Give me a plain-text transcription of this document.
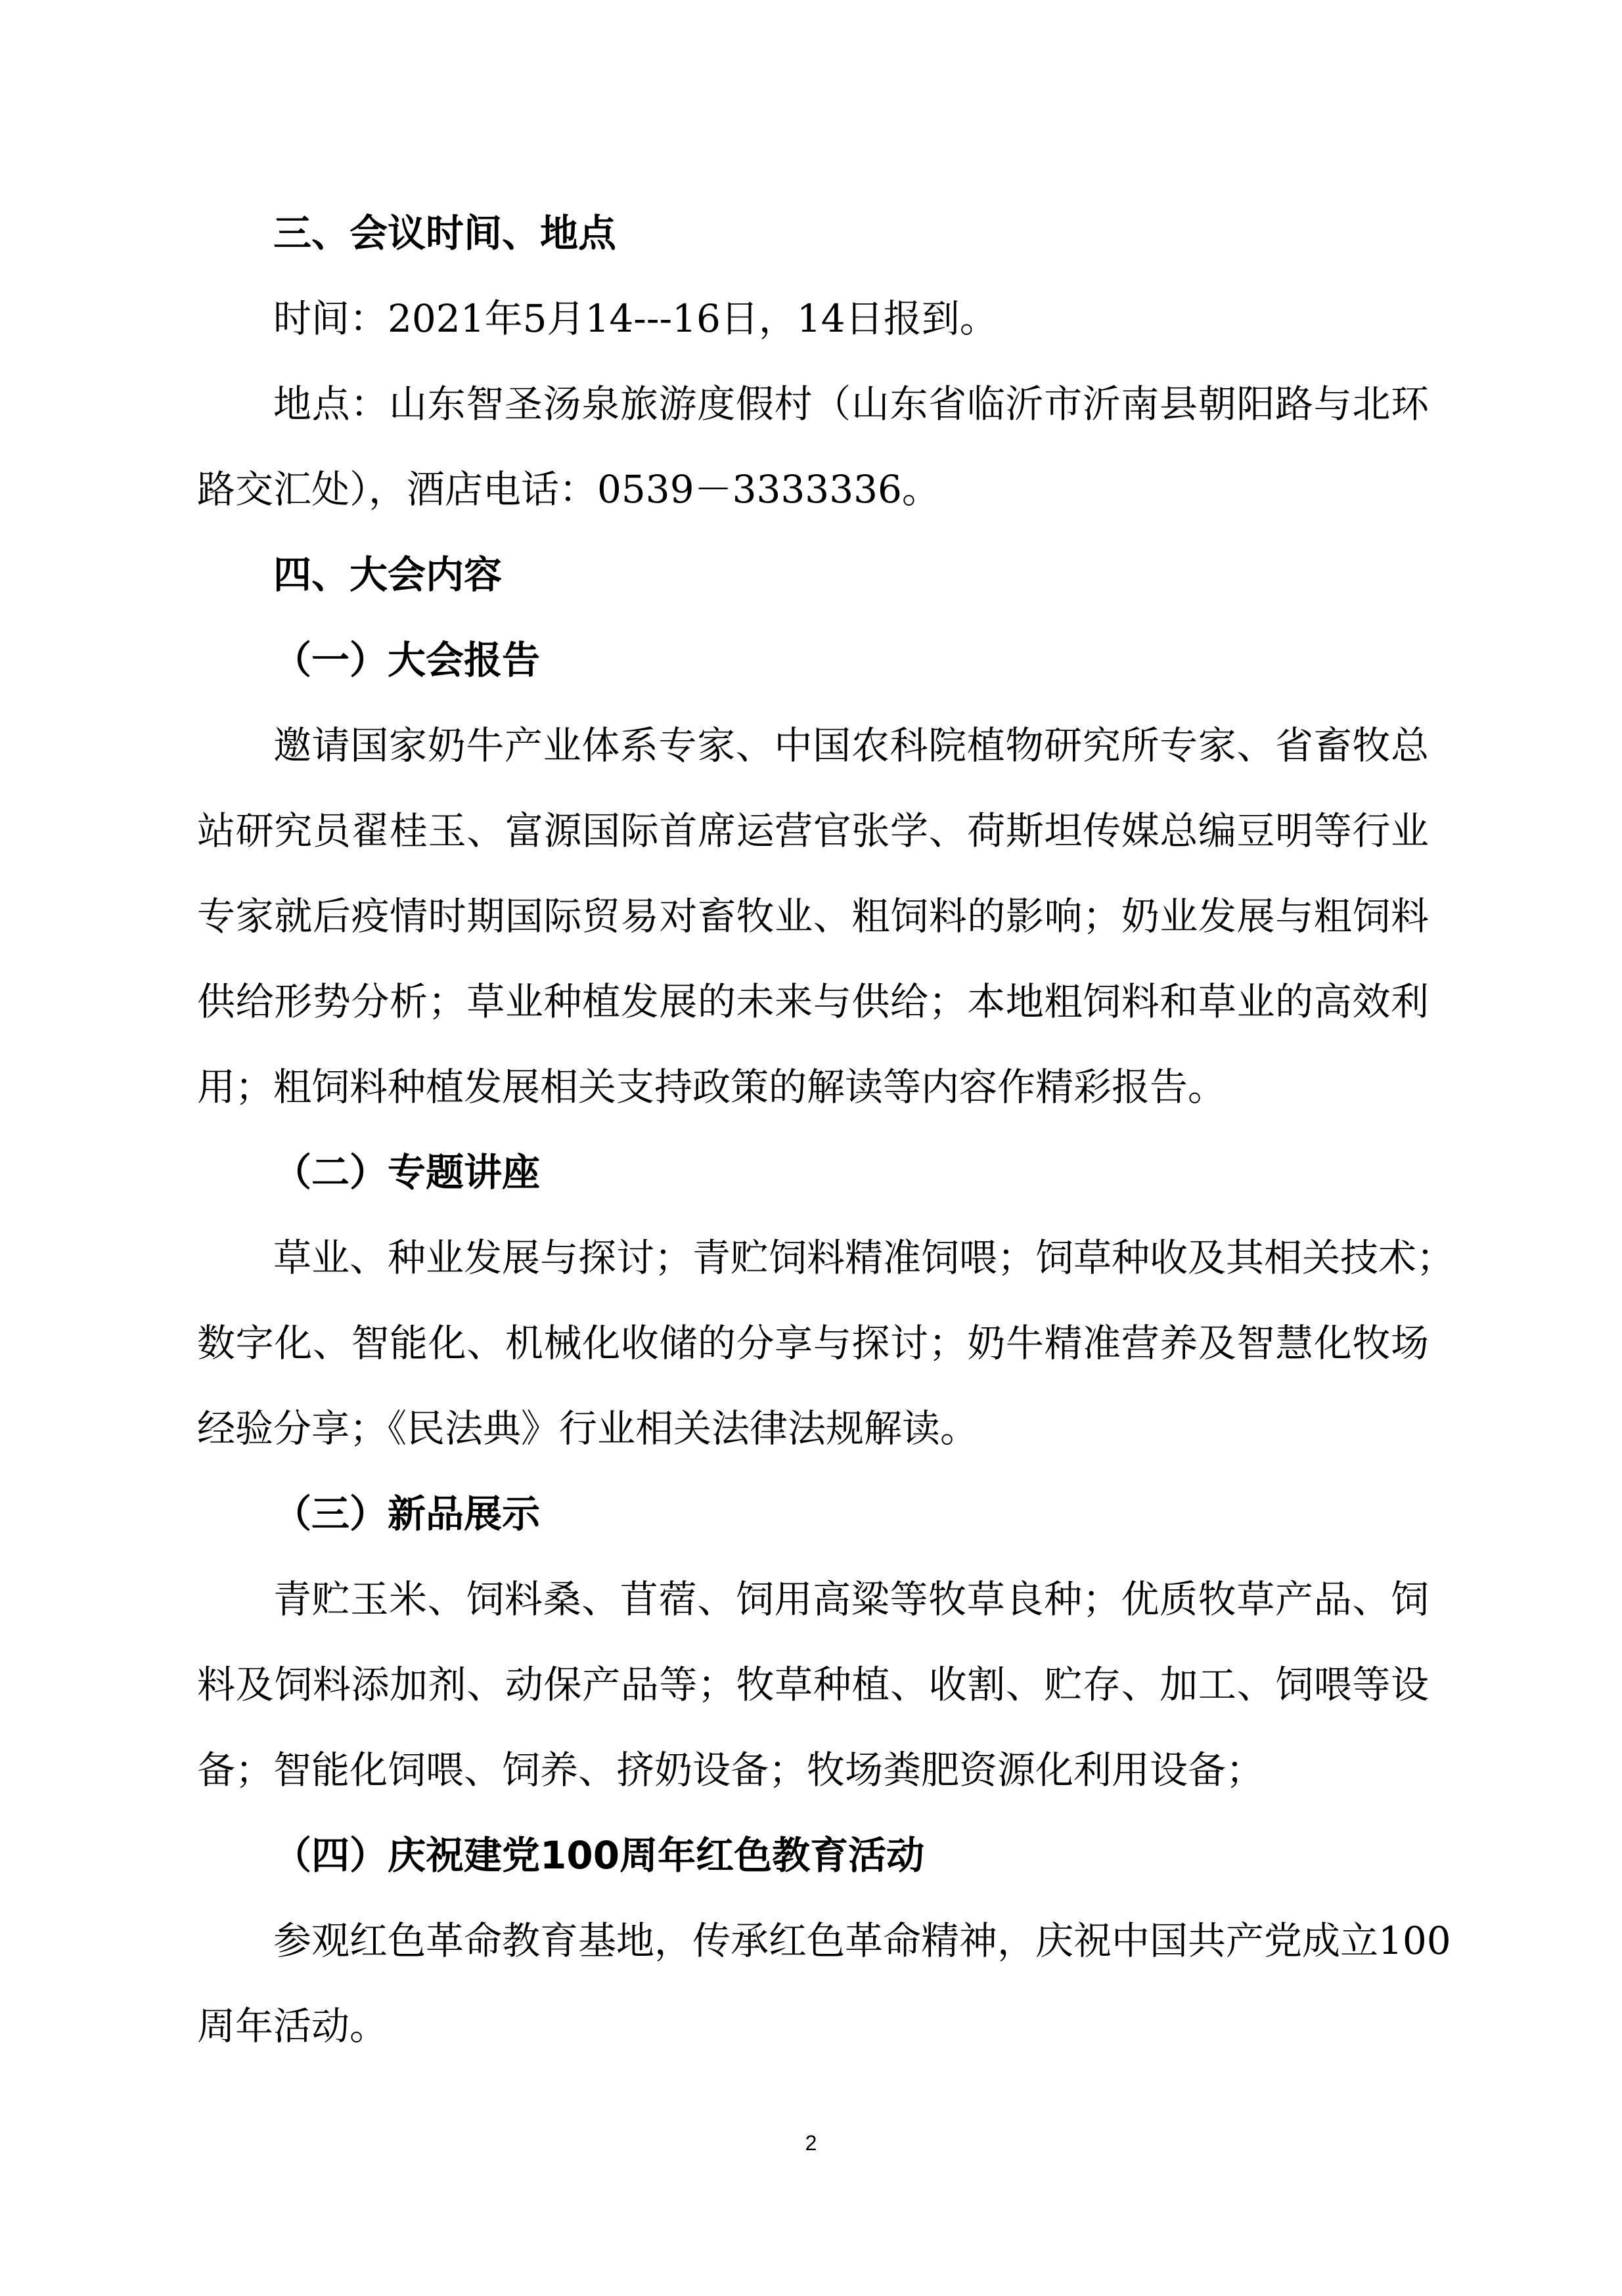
三、会议时间、地点
时间：2021年5月14---16日，14日报到。
地点：山东智圣汤泉旅游度假村（山东省临沂市沂南县朝阳路与北环
路交汇处），酒店电话：0539－3333336。
四、大会内容
（一）大会报告
邀请国家奶牛产业体系专家、中国农科院植物研究所专家、省畜牧总
站研究员翟桂玉、富源国际首席运营官张学、荷斯坦传媒总编豆明等行业
专家就后疫情时期国际贸易对畜牧业、粗饲料的影响；奶业发展与粗饲料
供给形势分析；草业种植发展的未来与供给；本地粗饲料和草业的高效利
用；粗饲料种植发展相关支持政策的解读等内容作精彩报告。
（二）专题讲座
草业、种业发展与探讨；青贮饲料精准饲喂；饲草种收及其相关技术；
数字化、智能化、机械化收储的分享与探讨；奶牛精准营养及智慧化牧场
经验分享；《民法典》行业相关法律法规解读。
（三）新品展示
青贮玉米、饲料桑、苜蓿、饲用高粱等牧草良种；优质牧草产品、饲
料及饲料添加剂、动保产品等；牧草种植、收割、贮存、加工、饲喂等设
备；智能化饲喂、饲养、挤奶设备；牧场粪肥资源化利用设备；
（四）庆祝建党100周年红色教育活动
参观红色革命教育基地，传承红色革命精神，庆祝中国共产党成立100
周年活动。
2
